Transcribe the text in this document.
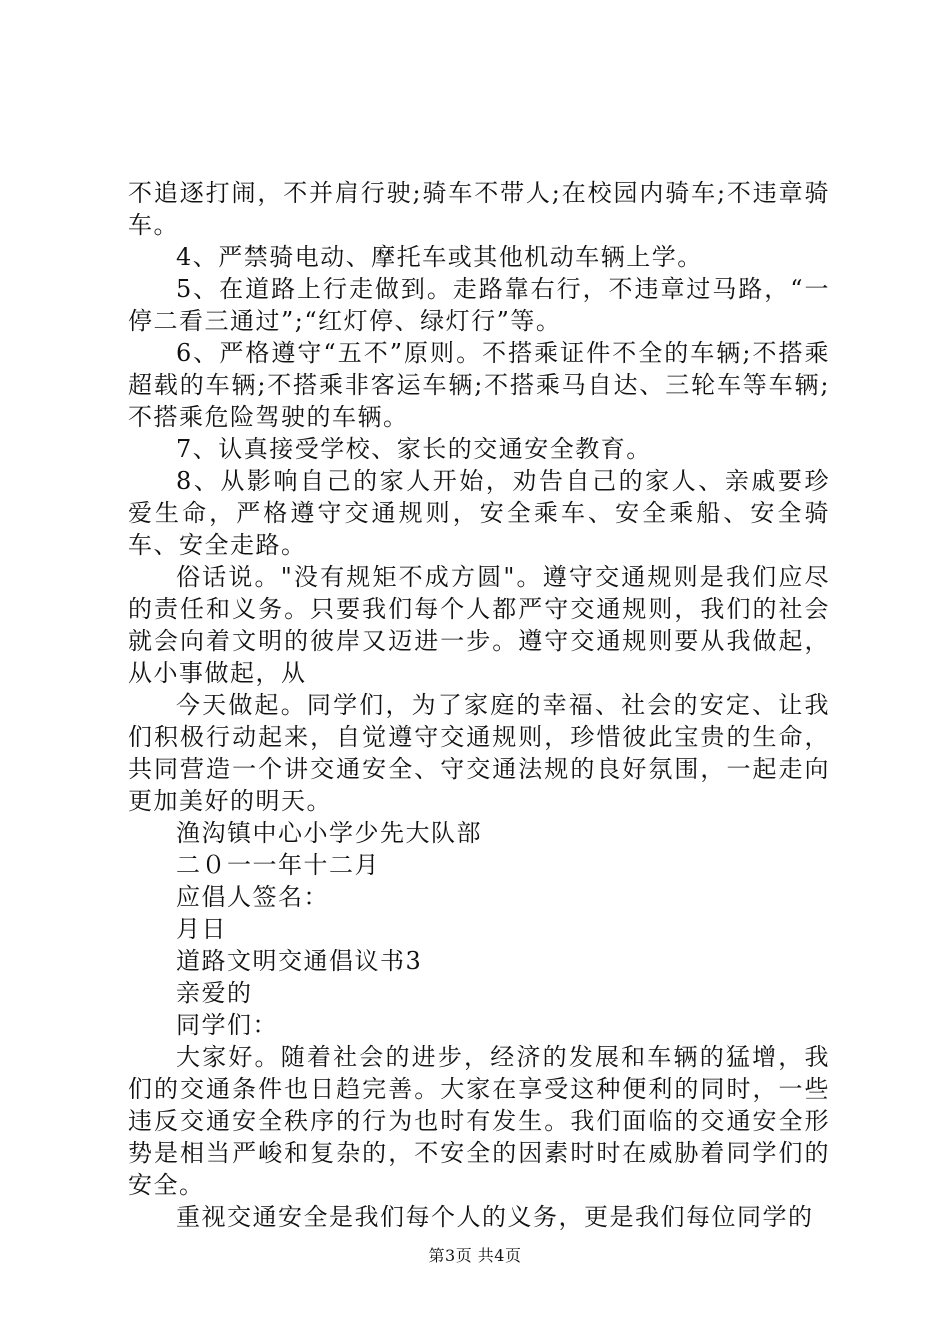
不追逐打闹，不并肩行驶;骑车不带人;在校园内骑车;不违章骑车。

4、严禁骑电动、摩托车或其他机动车辆上学。

5、在道路上行走做到。走路靠右行，不违章过马路，“一停二看三通过”;“红灯停、绿灯行”等。

6、严格遵守“五不”原则。不搭乘证件不全的车辆;不搭乘超载的车辆;不搭乘非客运车辆;不搭乘马自达、三轮车等车辆;不搭乘危险驾驶的车辆。

7、认真接受学校、家长的交通安全教育。

8、从影响自己的家人开始，劝告自己的家人、亲戚要珍爱生命，严格遵守交通规则，安全乘车、安全乘船、安全骑车、安全走路。

俗话说。"没有规矩不成方圆"。遵守交通规则是我们应尽的责任和义务。只要我们每个人都严守交通规则，我们的社会就会向着文明的彼岸又迈进一步。遵守交通规则要从我做起，从小事做起，从

今天做起。同学们，为了家庭的幸福、社会的安定、让我们积极行动起来，自觉遵守交通规则，珍惜彼此宝贵的生命，共同营造一个讲交通安全、守交通法规的良好氛围，一起走向更加美好的明天。

渔沟镇中心小学少先大队部

二０一一年十二月

应倡人签名：

月日

道路文明交通倡议书3

亲爱的

同学们：

大家好。随着社会的进步，经济的发展和车辆的猛增，我们的交通条件也日趋完善。大家在享受这种便利的同时，一些违反交通安全秩序的行为也时有发生。我们面临的交通安全形势是相当严峻和复杂的，不安全的因素时时在威胁着同学们的安全。

重视交通安全是我们每个人的义务，更是我们每位同学的

第3页 共4页
